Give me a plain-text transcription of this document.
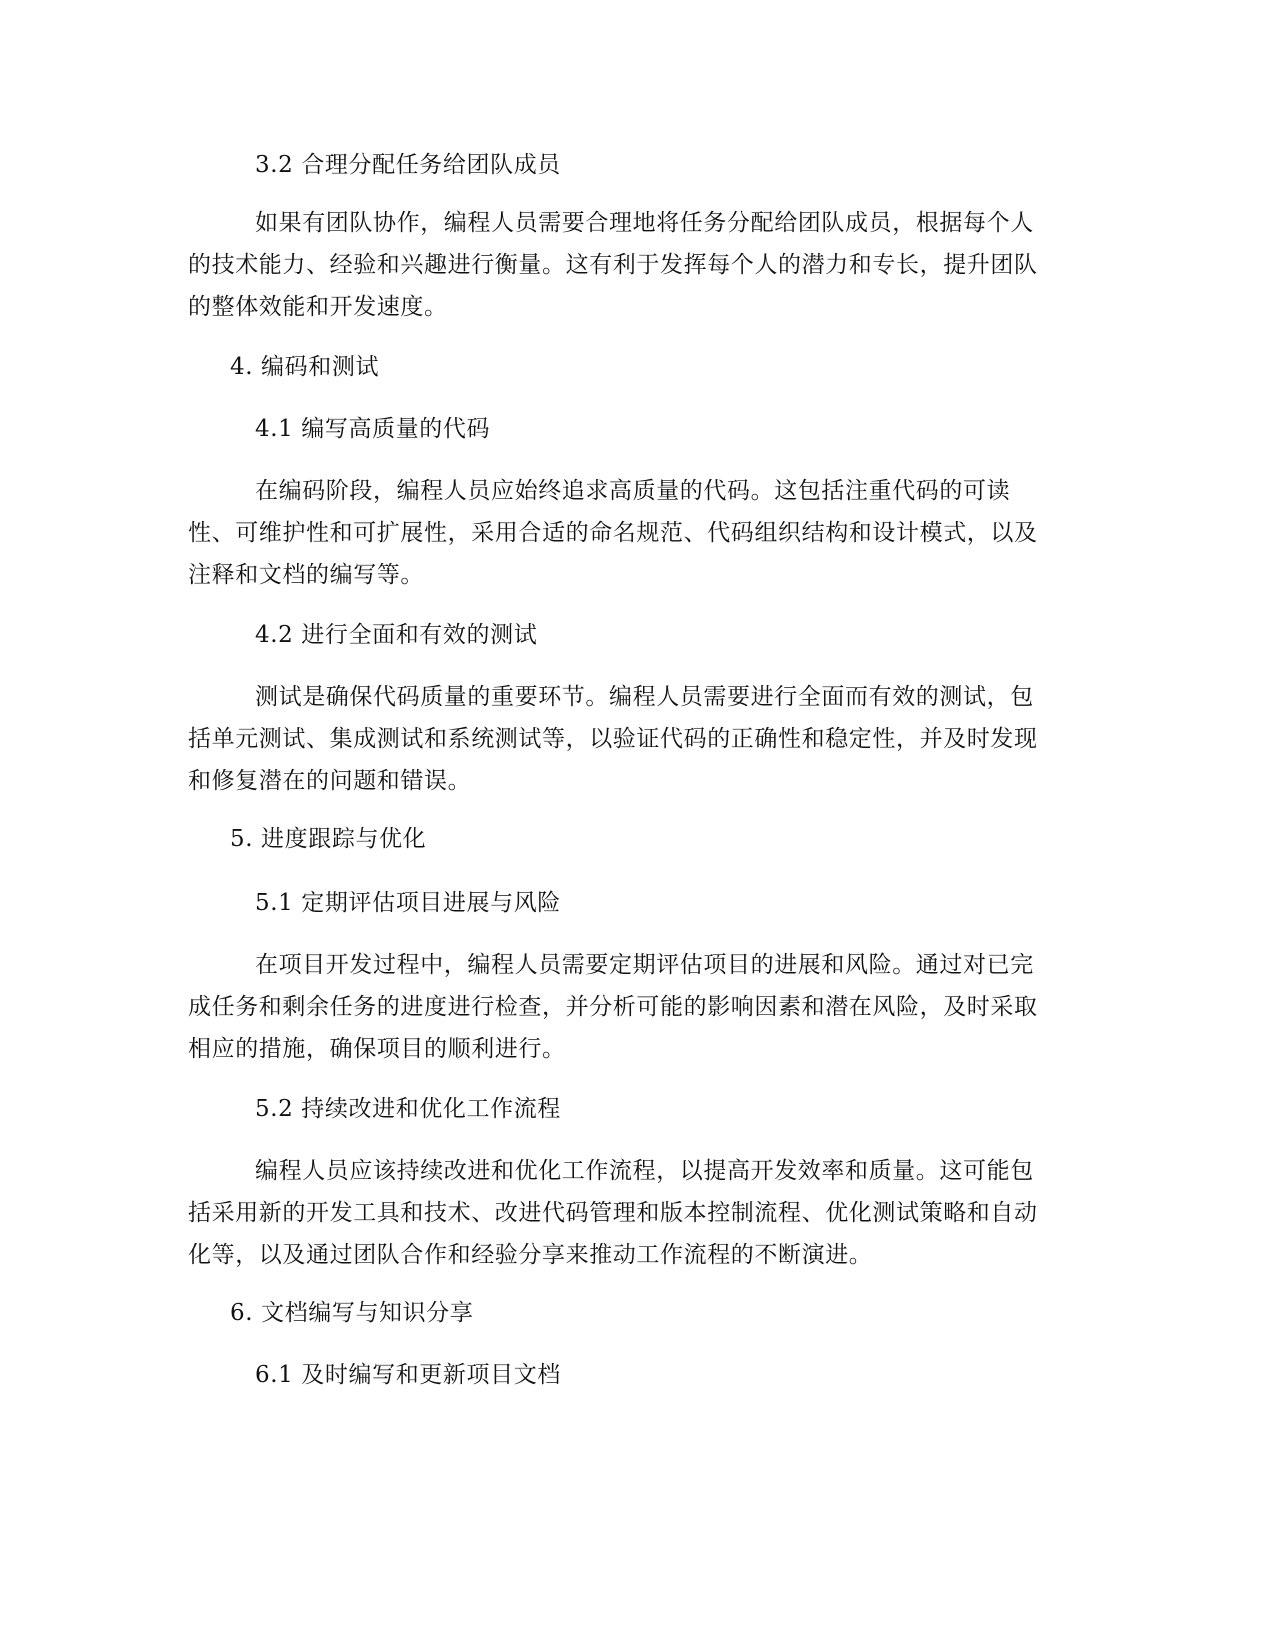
3.2 合理分配任务给团队成员
如果有团队协作，编程人员需要合理地将任务分配给团队成员，根据每个人
的技术能力、经验和兴趣进行衡量。这有利于发挥每个人的潜力和专长，提升团队
的整体效能和开发速度。
4. 编码和测试
4.1 编写高质量的代码
在编码阶段，编程人员应始终追求高质量的代码。这包括注重代码的可读
性、可维护性和可扩展性，采用合适的命名规范、代码组织结构和设计模式，以及
注释和文档的编写等。
4.2 进行全面和有效的测试
测试是确保代码质量的重要环节。编程人员需要进行全面而有效的测试，包
括单元测试、集成测试和系统测试等，以验证代码的正确性和稳定性，并及时发现
和修复潜在的问题和错误。
5. 进度跟踪与优化
5.1 定期评估项目进展与风险
在项目开发过程中，编程人员需要定期评估项目的进展和风险。通过对已完
成任务和剩余任务的进度进行检查，并分析可能的影响因素和潜在风险，及时采取
相应的措施，确保项目的顺利进行。
5.2 持续改进和优化工作流程
编程人员应该持续改进和优化工作流程，以提高开发效率和质量。这可能包
括采用新的开发工具和技术、改进代码管理和版本控制流程、优化测试策略和自动
化等，以及通过团队合作和经验分享来推动工作流程的不断演进。
6. 文档编写与知识分享
6.1 及时编写和更新项目文档
